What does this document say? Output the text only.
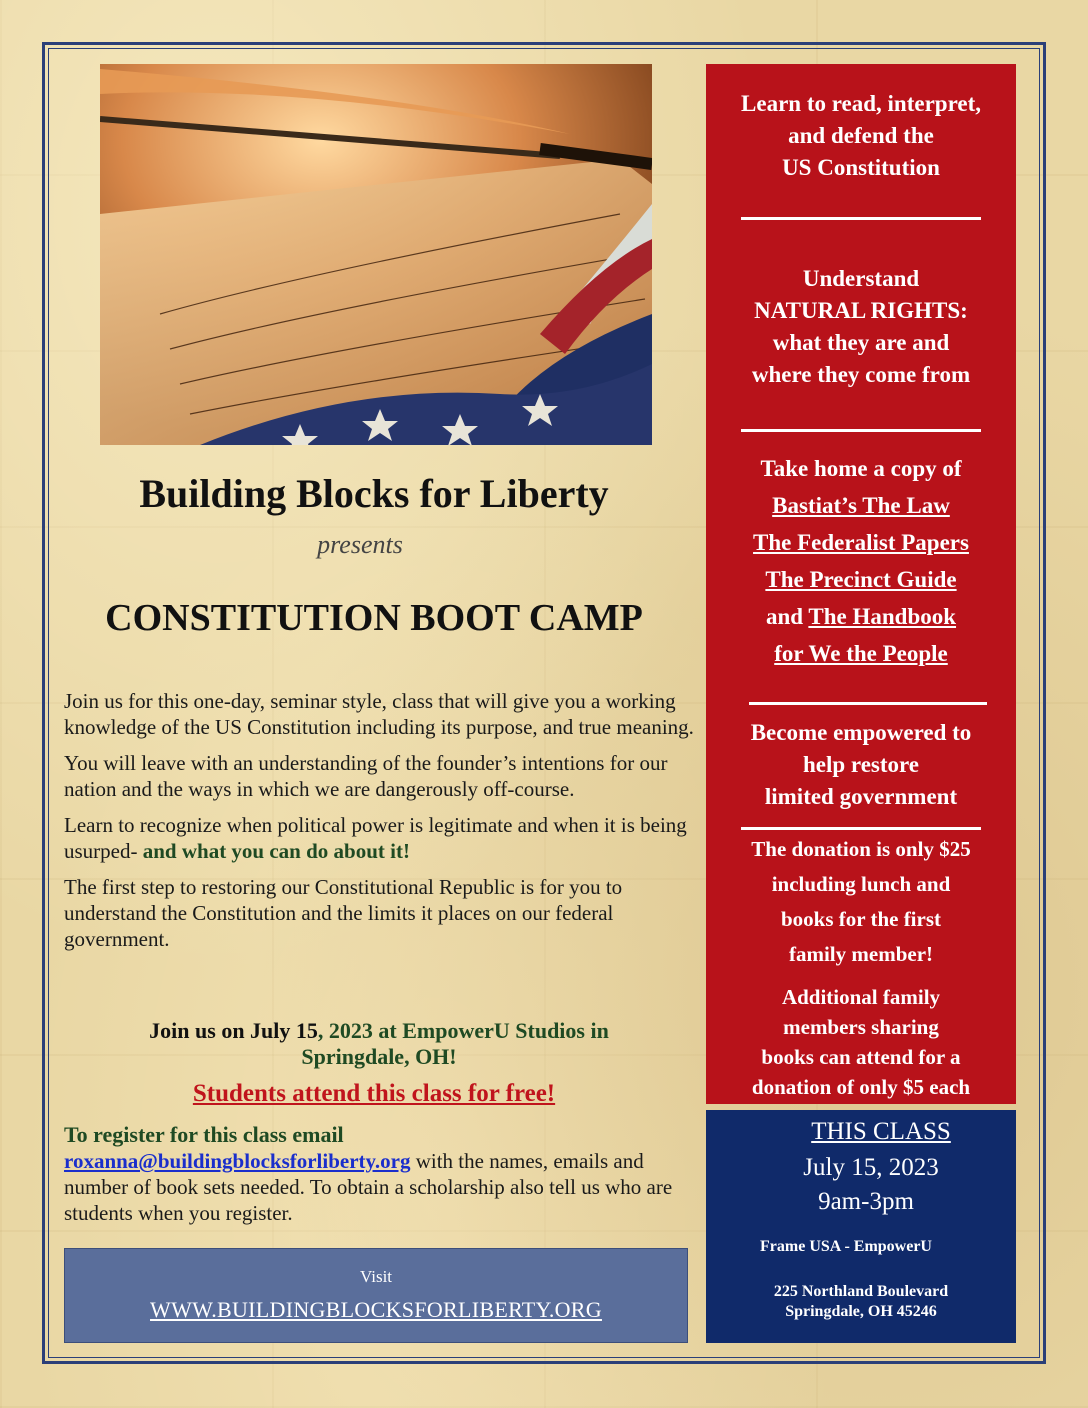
Building Blocks for Liberty
presents
CONSTITUTION BOOT CAMP

Join us for this one-day, seminar style, class that will give you a working knowledge of the US Constitution including its purpose, and true meaning.

You will leave with an understanding of the founder’s intentions for our nation and the ways in which we are dangerously off-course.

Learn to recognize when political power is legitimate and when it is being usurped- and what you can do about it!

The first step to restoring our Constitutional Republic is for you to understand the Constitution and the limits it places on our federal government.

Join us on July 15, 2023 at EmpowerU Studios in
Springdale, OH!
Students attend this class for free!
To register for this class email
roxanna@buildingblocksforliberty.org with the names, emails and number of book sets needed. To obtain a scholarship also tell us who are students when you register.
Visit
WWW.BUILDINGBLOCKSFORLIBERTY.ORG
Learn to read, interpret,
and defend the
US Constitution
Understand
NATURAL RIGHTS:
what they are and
where they come from
Take home a copy of
Bastiat’s The Law
The Federalist Papers
The Precinct Guide
and The Handbook
for We the People
Become empowered to
help restore
limited government
The donation is only $25
including lunch and
books for the first
family member!
Additional family
members sharing
books can attend for a
donation of only $5 each
THIS CLASS
July 15, 2023
9am-3pm
Frame USA - EmpowerU
225 Northland Boulevard
Springdale, OH 45246
